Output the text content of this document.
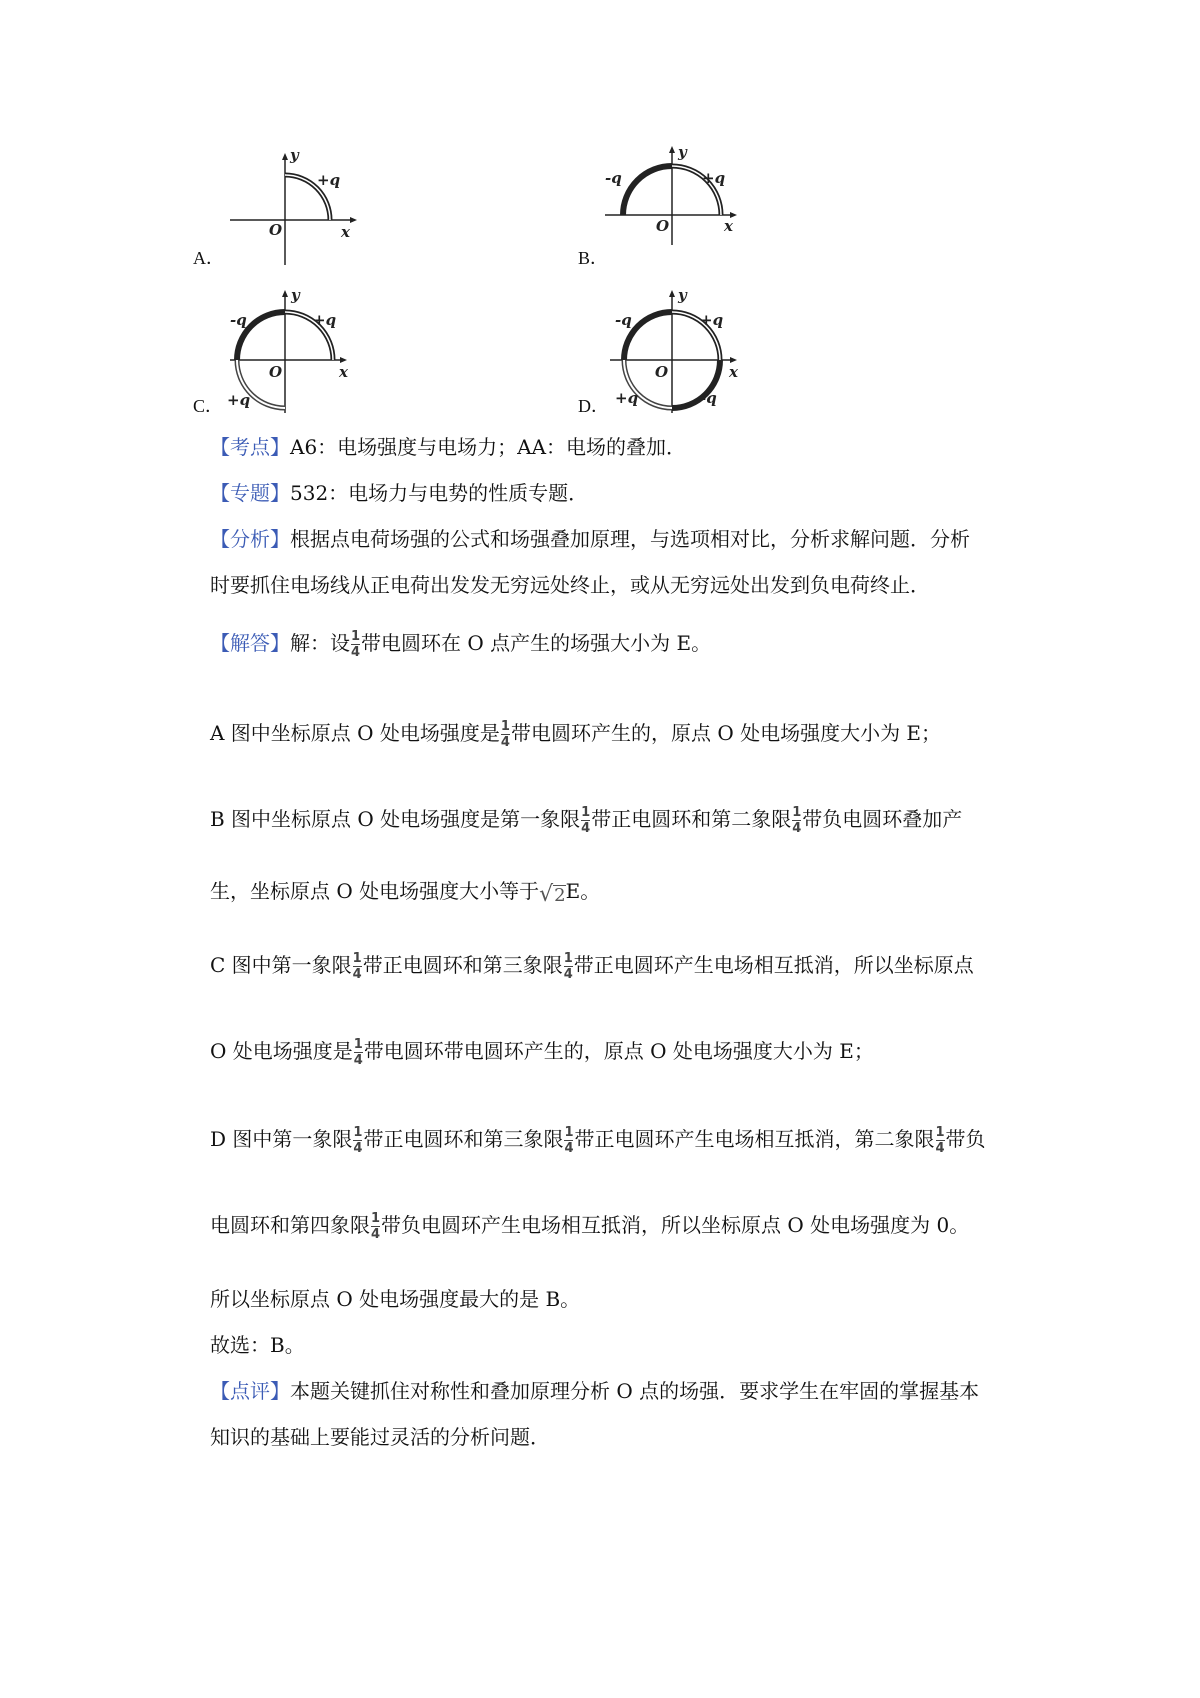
y
+q
O	x
A．
y
-q	+q
O	x
B．
y
-q	+q
O	x
+q
C．
y
-q	+q
O	x
+q	-q
D．
【考点】A6：电场强度与电场力；AA：电场的叠加．
【专题】532：电场力与电势的性质专题．
【分析】根据点电荷场强的公式和场强叠加原理，与选项相对比，分析求解问题．分析
时要抓住电场线从正电荷出发发无穷远处终止，或从无穷远处出发到负电荷终止．
【解答】解：设 $\frac{1}{4}$ 带电圆环在 O 点产生的场强大小为 E。
A 图中坐标原点 O 处电场强度是 $\frac{1}{4}$ 带电圆环产生的，原点 O 处电场强度大小为 E；
B 图中坐标原点 O 处电场强度是第一象限 $\frac{1}{4}$ 带正电圆环和第二象限 $\frac{1}{4}$ 带负电圆环叠加产
生，坐标原点 O 处电场强度大小等于 √ 2 E。
C 图中第一象限 $\frac{1}{4}$ 带正电圆环和第三象限 $\frac{1}{4}$ 带正电圆环产生电场相互抵消，所以坐标原点
O 处电场强度是 $\frac{1}{4}$ 带电圆环带电圆环产生的，原点 O 处电场强度大小为 E；
D 图中第一象限 $\frac{1}{4}$ 带正电圆环和第三象限 $\frac{1}{4}$ 带正电圆环产生电场相互抵消，第二象限 $\frac{1}{4}$ 带负
电圆环和第四象限 $\frac{1}{4}$ 带负电圆环产生电场相互抵消，所以坐标原点 O 处电场强度为 0。
所以坐标原点 O 处电场强度最大的是 B。
故选：B。
【点评】本题关键抓住对称性和叠加原理分析 O 点的场强．要求学生在牢固的掌握基本
知识的基础上要能过灵活的分析问题．
